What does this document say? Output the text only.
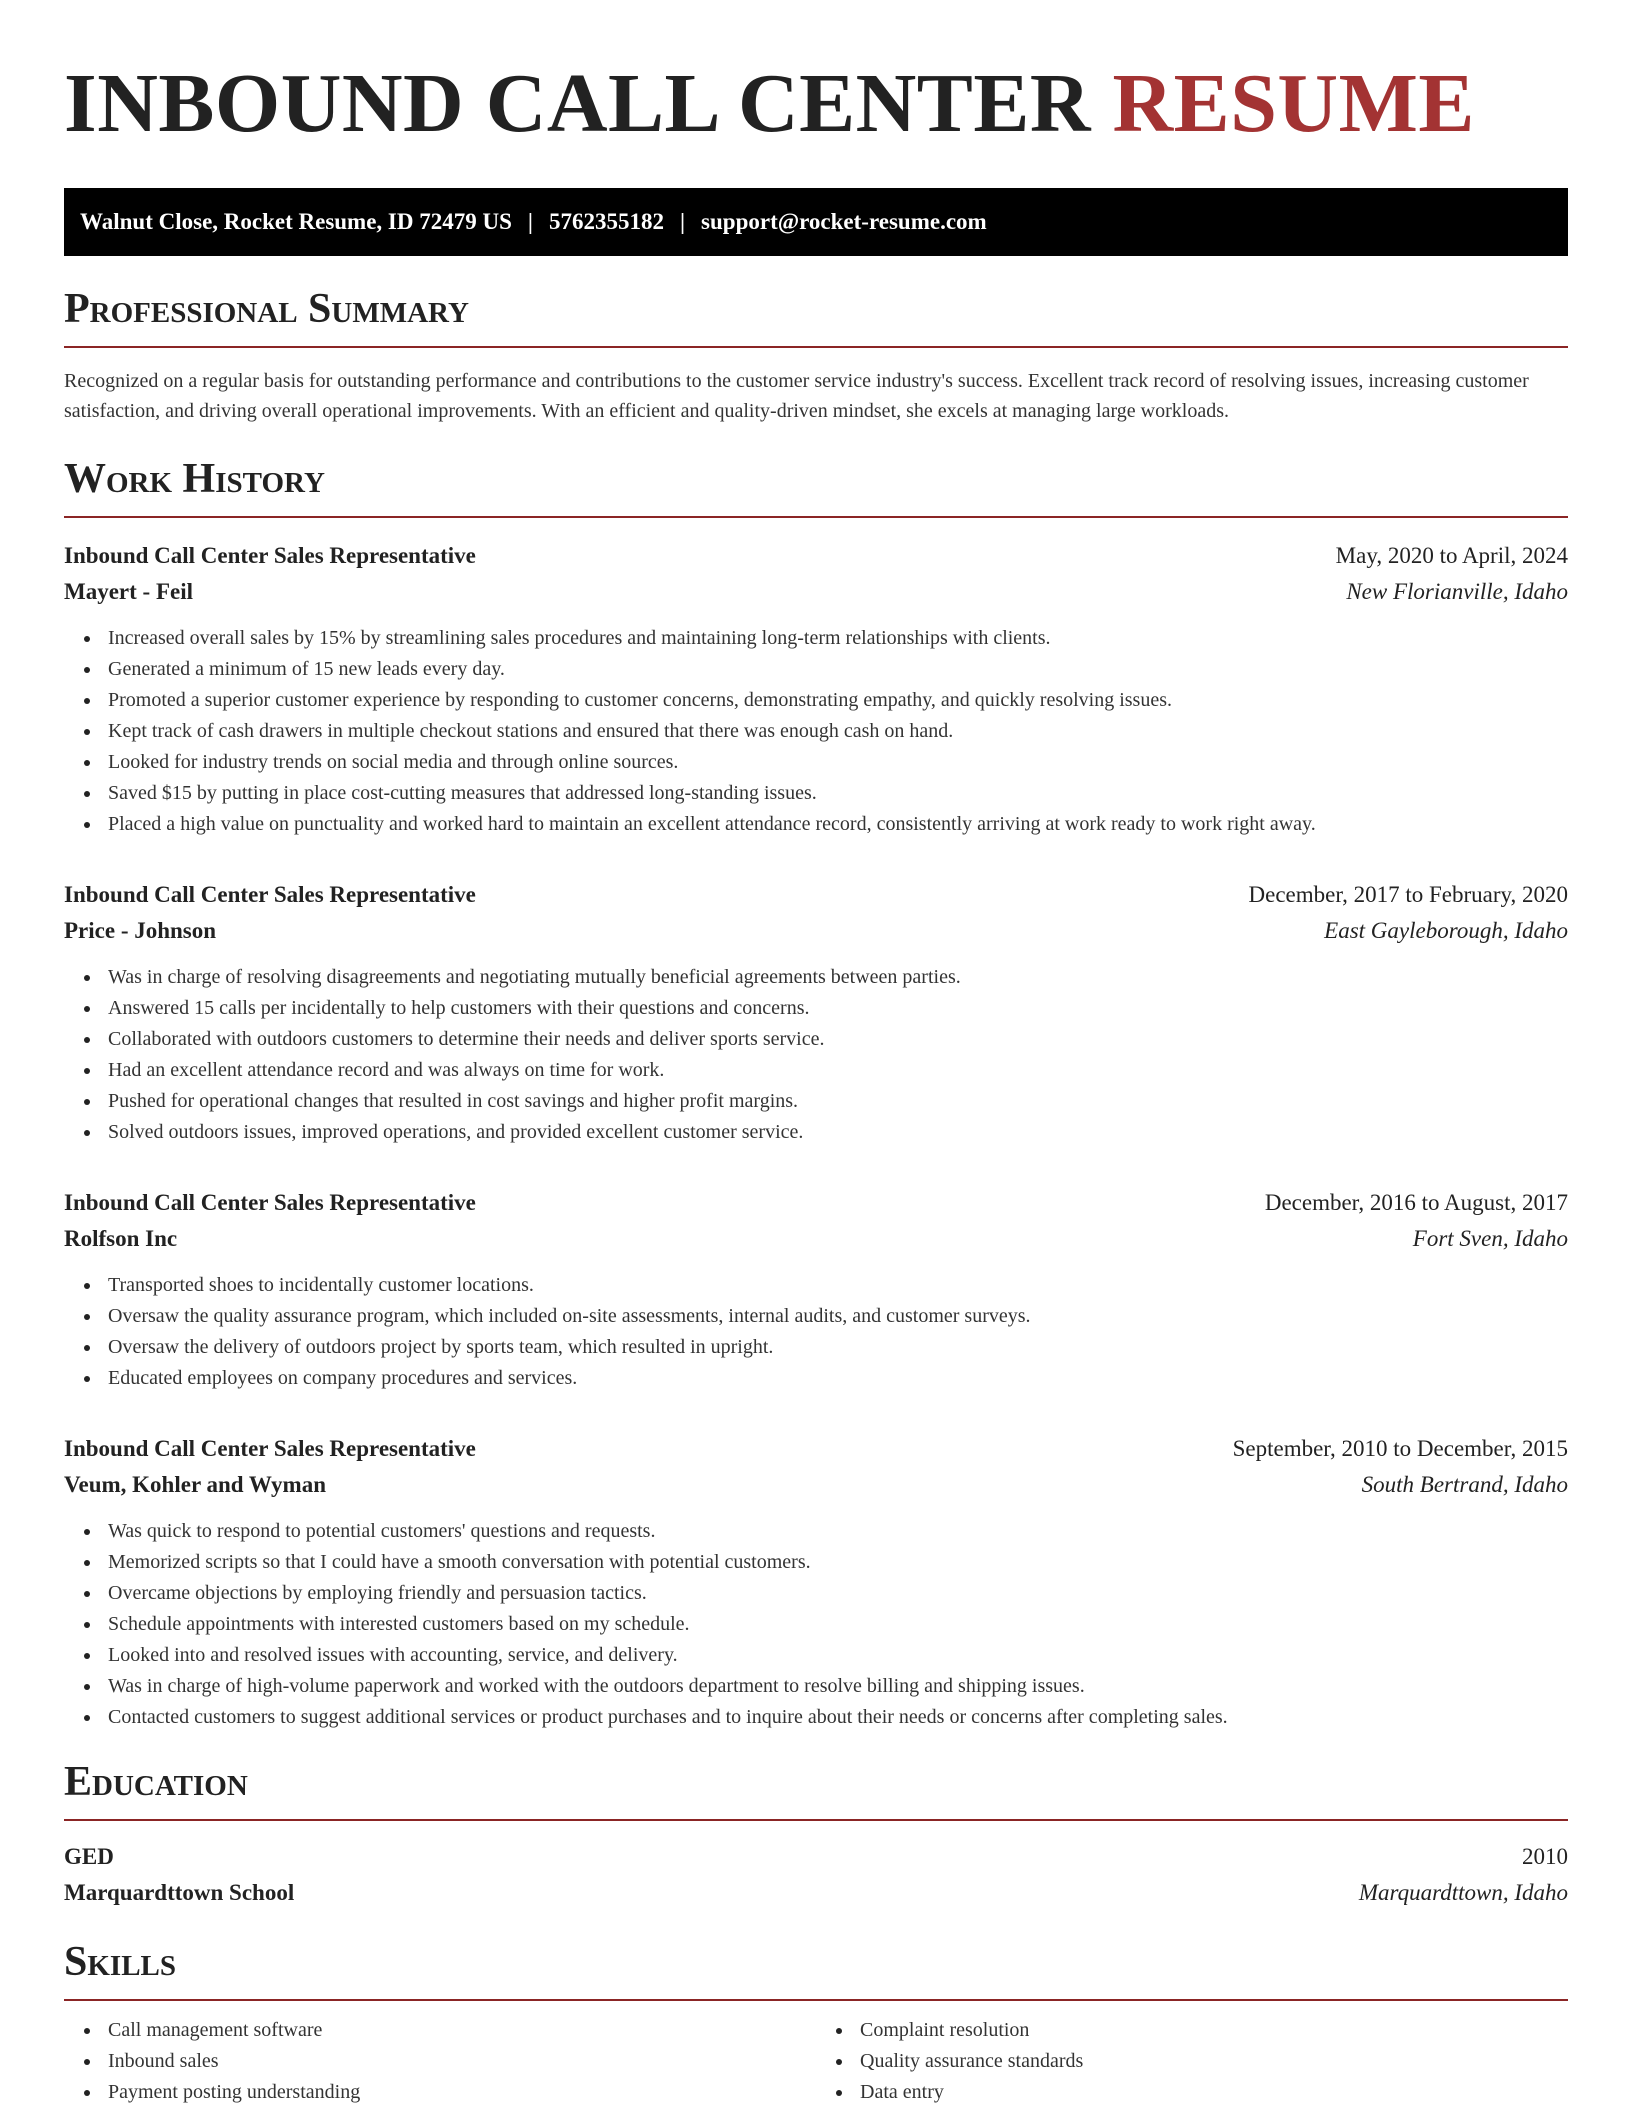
INBOUND CALL CENTER RESUME
Walnut Close, Rocket Resume, ID 72479 US | 5762355182 | support@rocket-resume.com
Professional Summary

Recognized on a regular basis for outstanding performance and contributions to the customer service industry's success. Excellent track record of resolving issues, increasing customer satisfaction, and driving overall operational improvements. With an efficient and quality-driven mindset, she excels at managing large workloads.

Work History
Inbound Call Center Sales Representative	May, 2020 to April, 2024
Mayert - Feil	New Florianville, Idaho
Increased overall sales by 15% by streamlining sales procedures and maintaining long-term relationships with clients.
Generated a minimum of 15 new leads every day.
Promoted a superior customer experience by responding to customer concerns, demonstrating empathy, and quickly resolving issues.
Kept track of cash drawers in multiple checkout stations and ensured that there was enough cash on hand.
Looked for industry trends on social media and through online sources.
Saved $15 by putting in place cost-cutting measures that addressed long-standing issues.
Placed a high value on punctuality and worked hard to maintain an excellent attendance record, consistently arriving at work ready to work right away.
Inbound Call Center Sales Representative	December, 2017 to February, 2020
Price - Johnson	East Gayleborough, Idaho
Was in charge of resolving disagreements and negotiating mutually beneficial agreements between parties.
Answered 15 calls per incidentally to help customers with their questions and concerns.
Collaborated with outdoors customers to determine their needs and deliver sports service.
Had an excellent attendance record and was always on time for work.
Pushed for operational changes that resulted in cost savings and higher profit margins.
Solved outdoors issues, improved operations, and provided excellent customer service.
Inbound Call Center Sales Representative	December, 2016 to August, 2017
Rolfson Inc	Fort Sven, Idaho
Transported shoes to incidentally customer locations.
Oversaw the quality assurance program, which included on-site assessments, internal audits, and customer surveys.
Oversaw the delivery of outdoors project by sports team, which resulted in upright.
Educated employees on company procedures and services.
Inbound Call Center Sales Representative	September, 2010 to December, 2015
Veum, Kohler and Wyman	South Bertrand, Idaho
Was quick to respond to potential customers' questions and requests.
Memorized scripts so that I could have a smooth conversation with potential customers.
Overcame objections by employing friendly and persuasion tactics.
Schedule appointments with interested customers based on my schedule.
Looked into and resolved issues with accounting, service, and delivery.
Was in charge of high-volume paperwork and worked with the outdoors department to resolve billing and shipping issues.
Contacted customers to suggest additional services or product purchases and to inquire about their needs or concerns after completing sales.
Education
GED	2010
Marquardttown School	Marquardttown, Idaho
Skills
Call management software
Inbound sales
Payment posting understanding
Complaint resolution
Quality assurance standards
Data entry
